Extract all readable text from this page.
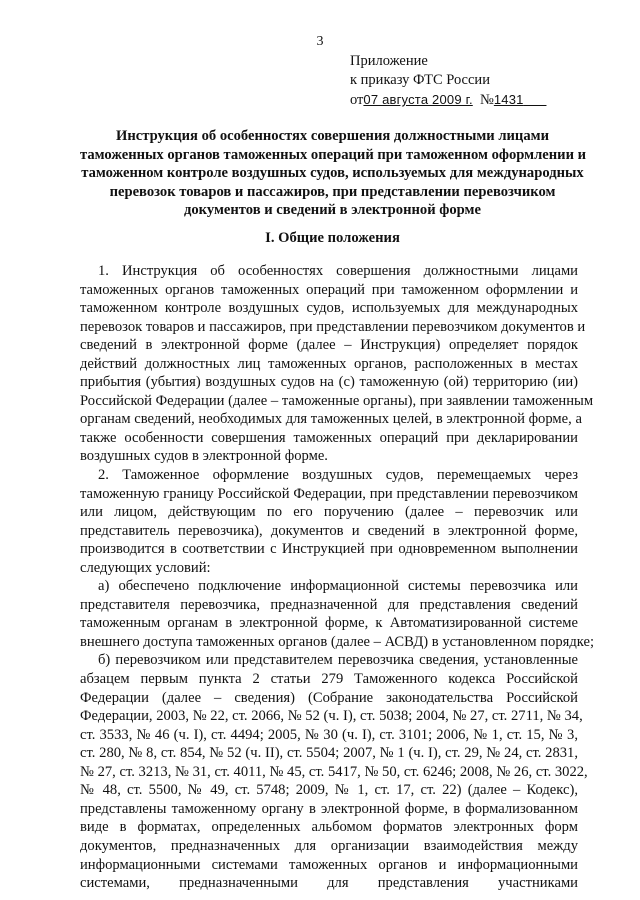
3
Приложение
к приказу ФТС России
от07 августа 2009 г. №1431
Инструкция об особенностях совершения должностными лицами
таможенных органов таможенных операций при таможенном оформлении и
таможенном контроле воздушных судов, используемых для международных
перевозок товаров и пассажиров, при представлении перевозчиком
документов и сведений в электронной форме
I. Общие положения
1. Инструкция об особенностях совершения должностными лицами
таможенных органов таможенных операций при таможенном оформлении и
таможенном контроле воздушных судов, используемых для международных
перевозок товаров и пассажиров, при представлении перевозчиком документов и
сведений в электронной форме (далее – Инструкция) определяет порядок
действий должностных лиц таможенных органов, расположенных в местах
прибытия (убытия) воздушных судов на (с) таможенную (ой) территорию (ии)
Российской Федерации (далее – таможенные органы), при заявлении таможенным
органам сведений, необходимых для таможенных целей, в электронной форме, а
также особенности совершения таможенных операций при декларировании
воздушных судов в электронной форме.
2. Таможенное оформление воздушных судов, перемещаемых через
таможенную границу Российской Федерации, при представлении перевозчиком
или лицом, действующим по его поручению (далее – перевозчик или
представитель перевозчика), документов и сведений в электронной форме,
производится в соответствии с Инструкцией при одновременном выполнении
следующих условий:
а) обеспечено подключение информационной системы перевозчика или
представителя перевозчика, предназначенной для представления сведений
таможенным органам в электронной форме, к Автоматизированной системе
внешнего доступа таможенных органов (далее – АСВД) в установленном порядке;
б) перевозчиком или представителем перевозчика сведения, установленные
абзацем первым пункта 2 статьи 279 Таможенного кодекса Российской
Федерации (далее – сведения) (Собрание законодательства Российской
Федерации, 2003, № 22, ст. 2066, № 52 (ч. I), ст. 5038; 2004, № 27, ст. 2711, № 34,
ст. 3533, № 46 (ч. I), ст. 4494; 2005, № 30 (ч. I), ст. 3101; 2006, № 1, ст. 15, № 3,
ст. 280, № 8, ст. 854, № 52 (ч. II), ст. 5504; 2007, № 1 (ч. I), ст. 29, № 24, ст. 2831,
№ 27, ст. 3213, № 31, ст. 4011, № 45, ст. 5417, № 50, ст. 6246; 2008, № 26, ст. 3022,
№ 48, ст. 5500, № 49, ст. 5748; 2009, № 1, ст. 17, ст. 22) (далее – Кодекс),
представлены таможенному органу в электронной форме, в формализованном
виде в форматах, определенных альбомом форматов электронных форм
документов, предназначенных для организации взаимодействия между
информационными системами таможенных органов и информационными
системами, предназначенными для представления участниками
